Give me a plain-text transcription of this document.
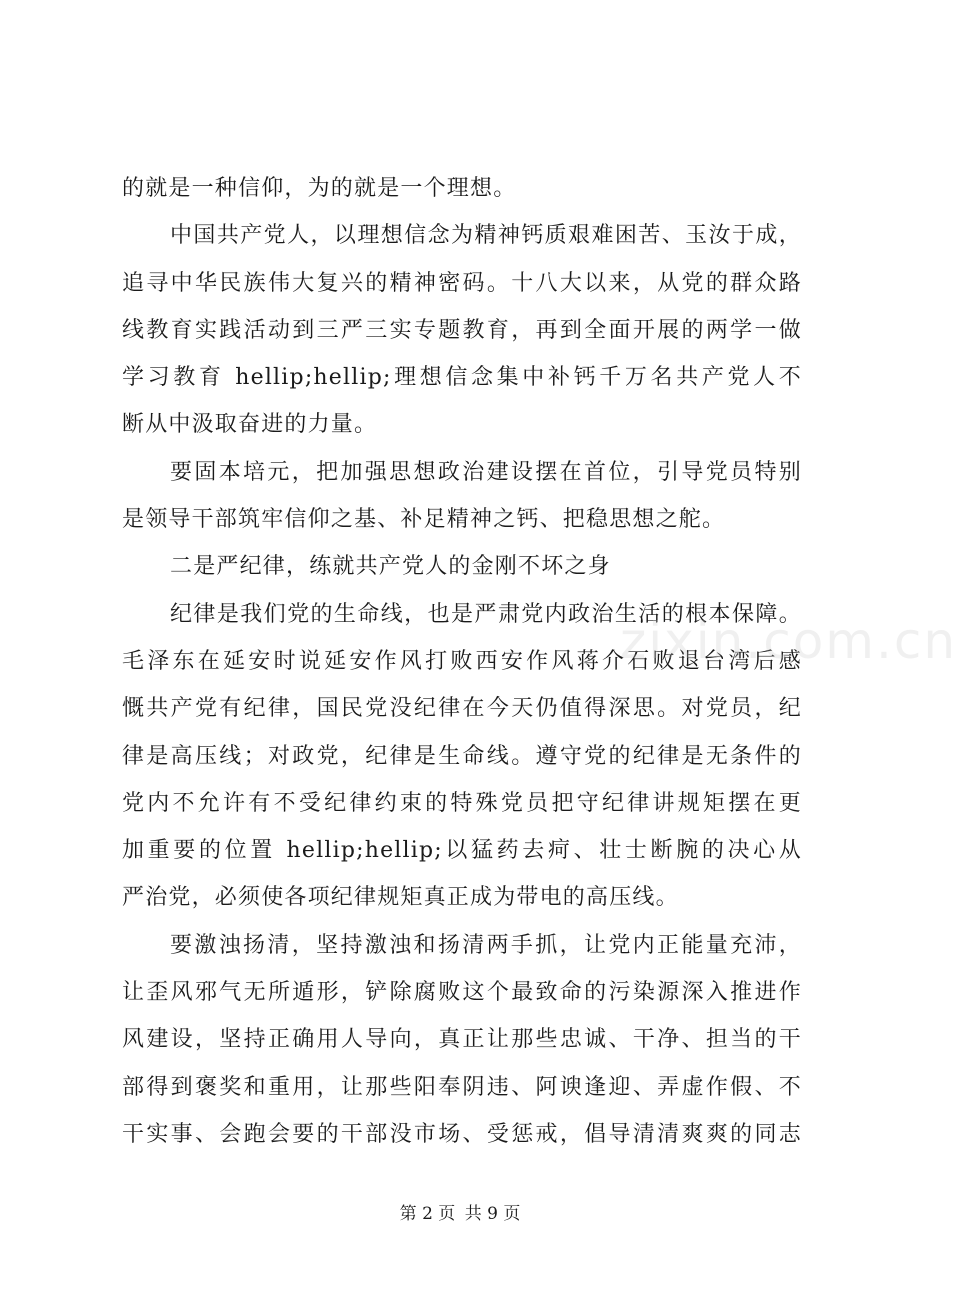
的就是一种信仰，为的就是一个理想。
中国共产党人，以理想信念为精神钙质艰难困苦、玉汝于成，
追寻中华民族伟大复兴的精神密码。十八大以来，从党的群众路
线教育实践活动到三严三实专题教育，再到全面开展的两学一做
学习教育 hellip;hellip;理想信念集中补钙千万名共产党人不
断从中汲取奋进的力量。
要固本培元，把加强思想政治建设摆在首位，引导党员特别
是领导干部筑牢信仰之基、补足精神之钙、把稳思想之舵。
二是严纪律，练就共产党人的金刚不坏之身
纪律是我们党的生命线，也是严肃党内政治生活的根本保障。
毛泽东在延安时说延安作风打败西安作风蒋介石败退台湾后感
慨共产党有纪律，国民党没纪律在今天仍值得深思。对党员，纪
律是高压线；对政党，纪律是生命线。遵守党的纪律是无条件的
党内不允许有不受纪律约束的特殊党员把守纪律讲规矩摆在更
加重要的位置 hellip;hellip;以猛药去疴、壮士断腕的决心从
严治党，必须使各项纪律规矩真正成为带电的高压线。
要激浊扬清，坚持激浊和扬清两手抓，让党内正能量充沛，
让歪风邪气无所遁形，铲除腐败这个最致命的污染源深入推进作
风建设，坚持正确用人导向，真正让那些忠诚、干净、担当的干
部得到褒奖和重用，让那些阳奉阴违、阿谀逢迎、弄虚作假、不
干实事、会跑会要的干部没市场、受惩戒，倡导清清爽爽的同志
zixin.com.cn
第 2 页 共 9 页
